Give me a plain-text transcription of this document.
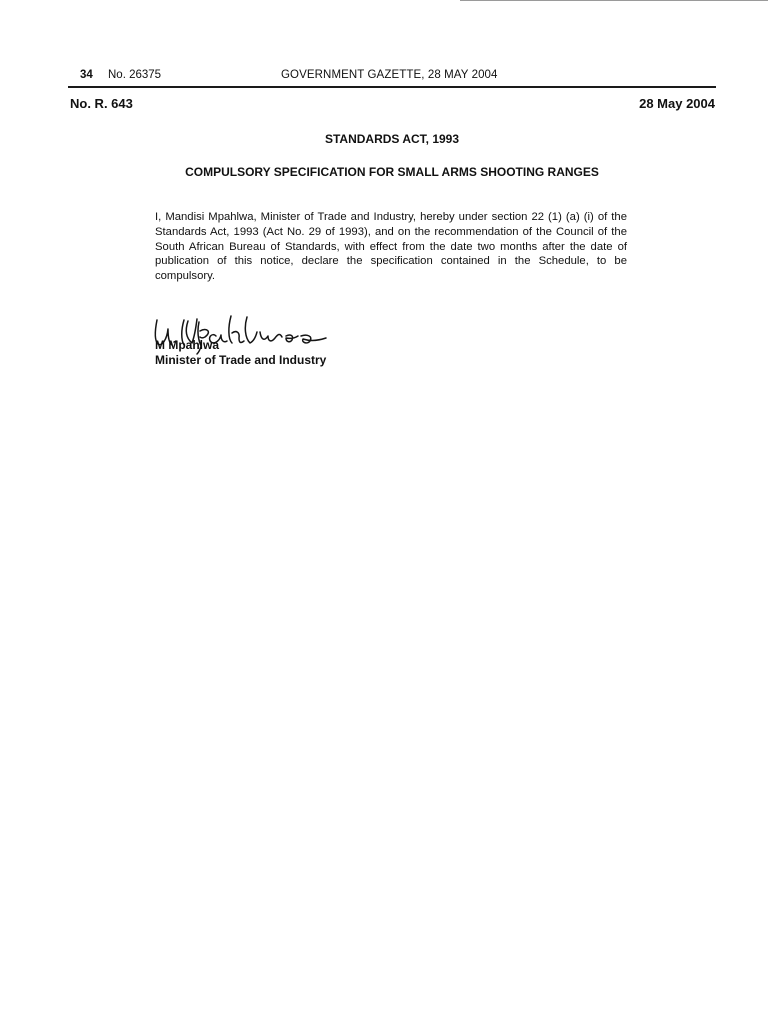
34 No. 26375	GOVERNMENT GAZETTE, 28 MAY 2004
No. R. 643	28 May 2004
STANDARDS ACT, 1993
COMPULSORY SPECIFICATION FOR SMALL ARMS SHOOTING RANGES

I, Mandisi Mpahlwa, Minister of Trade and Industry, hereby under section 22 (1) (a) (i) of the Standards Act, 1993 (Act No. 29 of 1993), and on the recommendation of the Council of the South African Bureau of Standards, with effect from the date two months after the date of publication of this notice, declare the specification contained in the Schedule, to be compulsory.

M Mpahlwa
Minister of Trade and Industry
